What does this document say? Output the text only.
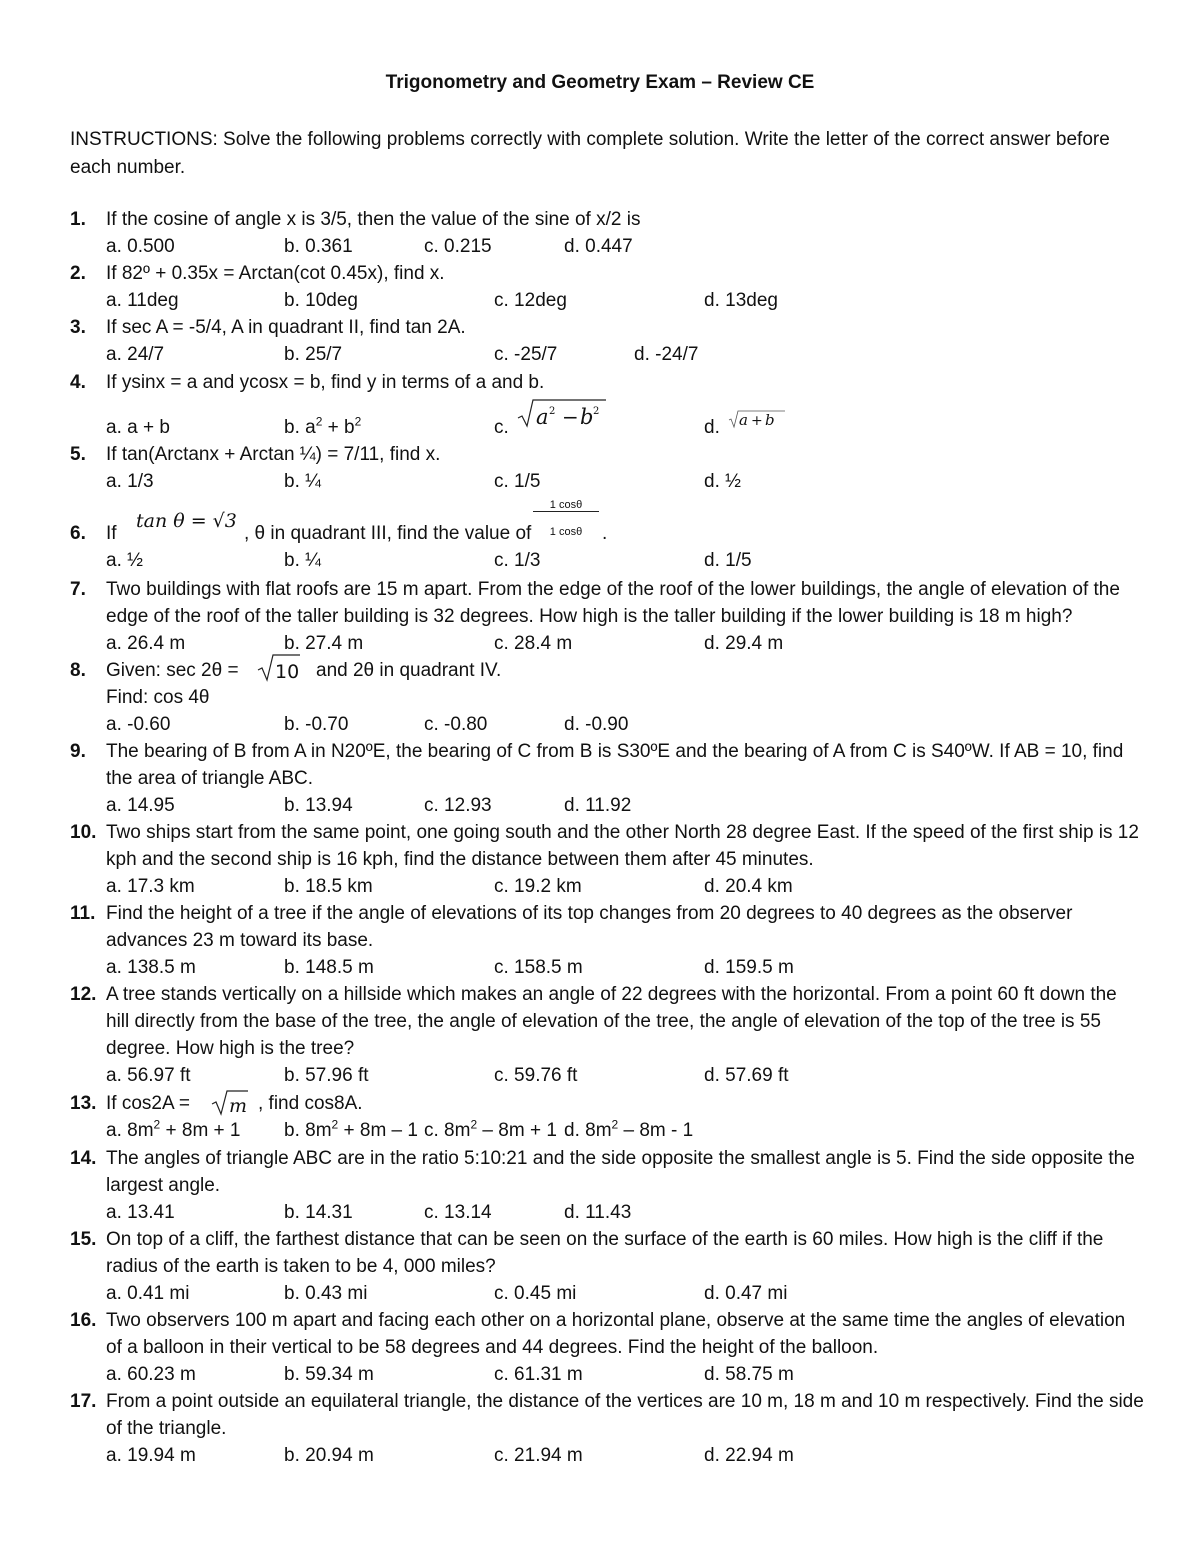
Trigonometry and Geometry Exam – Review CE
INSTRUCTIONS: Solve the following problems correctly with complete solution. Write the letter of the correct answer before each number.
1.	If the cosine of angle x is 3/5, then the value of the sine of x/2 is
a. 0.500	b. 0.361	c. 0.215	d. 0.447
2.	If 82º + 0.35x = Arctan(cot 0.45x), find x.
a. 11deg	b. 10deg	c. 12deg	d. 13deg
3.	If sec A = -5/4, A in quadrant II, find tan 2A.
a. 24/7	b. 25/7	c. -25/7	d. -24/7
4.	If ysinx = a and ycosx = b, find y in terms of a and b.
a. a + b	b. $a^2 + b^2$	c.	d.
a 2 − b 2	a + b
5.	If tan(Arctanx + Arctan ¼) = 7/11, find x.
a. 1/3	b. ¼	c. 1/5	d. ½
6.	If
tan θ = √3
, θ in quadrant III, find the value of
1 cosθ
1 cosθ	.
a. ½	b. ¼	c. 1/3	d. 1/5
7.	Two buildings with flat roofs are 15 m apart. From the edge of the roof of the lower buildings, the angle of elevation of the edge of the roof of the taller building is 32 degrees. How high is the taller building if the lower building is 18 m high?
a. 26.4 m	b. 27.4 m	c. 28.4 m	d. 29.4 m
8.	Given: sec 2θ =	10 and 2θ in quadrant IV.
Find: cos 4θ
a. -0.60	b. -0.70	c. -0.80	d. -0.90
9.	The bearing of B from A in N20ºE, the bearing of C from B is S30ºE and the bearing of A from C is S40ºW. If AB = 10, find the area of triangle ABC.
a. 14.95	b. 13.94	c. 12.93	d. 11.92
10. Two ships start from the same point, one going south and the other North 28 degree East. If the speed of the first ship is 12 kph and the second ship is 16 kph, find the distance between them after 45 minutes.
a. 17.3 km	b. 18.5 km	c. 19.2 km	d. 20.4 km
11. Find the height of a tree if the angle of elevations of its top changes from 20 degrees to 40 degrees as the observer advances 23 m toward its base.
a. 138.5 m	b. 148.5 m	c. 158.5 m	d. 159.5 m
12. A tree stands vertically on a hillside which makes an angle of 22 degrees with the horizontal. From a point 60 ft down the hill directly from the base of the tree, the angle of elevation of the tree, the angle of elevation of the top of the tree is 55 degree. How high is the tree?
a. 56.97 ft	b. 57.96 ft	c. 59.76 ft	d. 57.69 ft
13. If cos2A =	m , find cos8A.
a. $8m^2 + 8m + 1$ b. $8m^2 + 8m - 1$ c. $8m^2 - 8m + 1$ d. $8m^2 - 8m - 1$
14. The angles of triangle ABC are in the ratio 5:10:21 and the side opposite the smallest angle is 5. Find the side opposite the largest angle.
a. 13.41	b. 14.31	c. 13.14	d. 11.43
15. On top of a cliff, the farthest distance that can be seen on the surface of the earth is 60 miles. How high is the cliff if the radius of the earth is taken to be 4, 000 miles?
a. 0.41 mi	b. 0.43 mi	c. 0.45 mi	d. 0.47 mi
16. Two observers 100 m apart and facing each other on a horizontal plane, observe at the same time the angles of elevation of a balloon in their vertical to be 58 degrees and 44 degrees. Find the height of the balloon.
a. 60.23 m	b. 59.34 m	c. 61.31 m	d. 58.75 m
17. From a point outside an equilateral triangle, the distance of the vertices are 10 m, 18 m and 10 m respectively. Find the side of the triangle.
a. 19.94 m	b. 20.94 m	c. 21.94 m	d. 22.94 m
